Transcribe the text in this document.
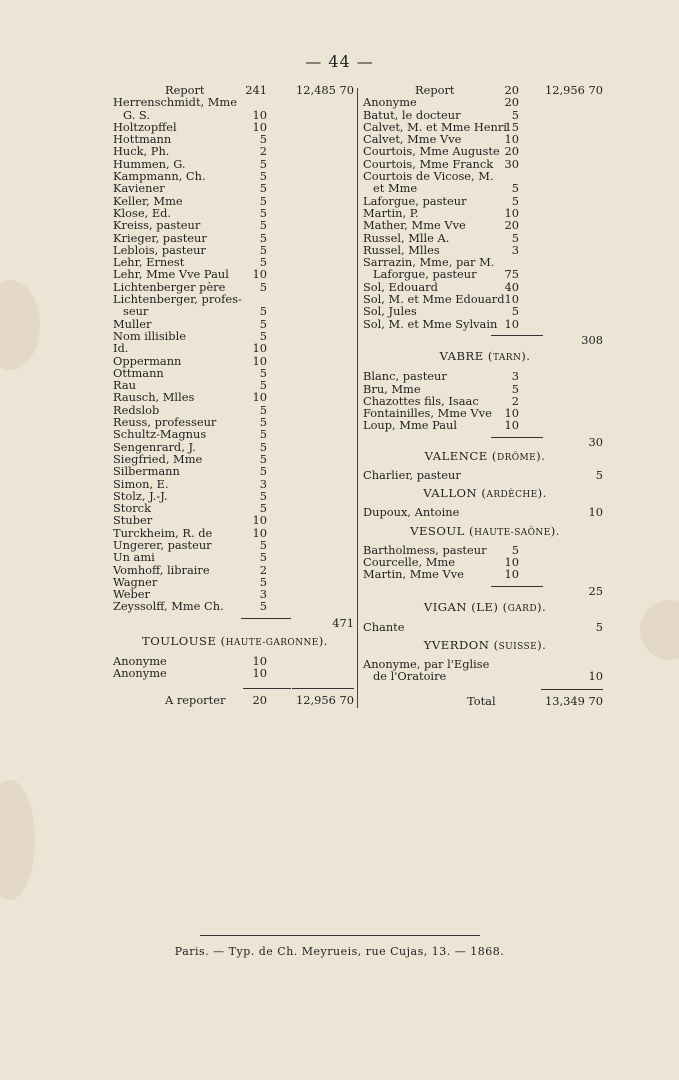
— 44 —
Report	241	12,485 70
Herrenschmidt, Mme
G. S.	10
Holtzopffel	10
Hottmann	5
Huck, Ph.	2
Hummen, G.	5
Kampmann, Ch.	5
Kaviener	5
Keller, Mme	5
Klose, Ed.	5
Kreiss, pasteur	5
Krieger, pasteur	5
Leblois, pasteur	5
Lehr, Ernest	5
Lehr, Mme Vve Paul 10
Lichtenberger père	5
Lichtenberger, profes-
seur	5
Muller	5
Nom illisible	5
Id.	10
Oppermann	10
Ottmann	5
Rau	5
Rausch, Mlles	10
Redslob	5
Reuss, professeur	5
Schultz-Magnus	5
Sengenrard, J.	5
Siegfried, Mme	5
Silbermann	5
Simon, E.	3
Stolz, J.-J.	5
Storck	5
Stuber	10
Turckheim, R. de	10
Ungerer, pasteur	5
Un ami	5
Vomhoff, libraire	2
Wagner	5
Weber	3
Zeyssolff, Mme Ch.	5
471
TOULOUSE (HAUTE-GARONNE).
Anonyme	10
Anonyme	10
A reporter 20	12,956 70
Report	20 12,956 70
Anonyme	20
Batut, le docteur	5
Calvet, M. et Mme Henri
15
Calvet, Mme Vve	10
Courtois, Mme Auguste 20
Courtois, Mme Franck 30
Courtois de Vicose, M.
et Mme	5
Laforgue, pasteur	5
Martin, P.	10
Mather, Mme Vve	20
Russel, Mlle A.	5
Russel, Mlles	3
Sarrazin, Mme, par M.
Laforgue, pasteur 75
Sol, Edouard	40
Sol, M. et Mme Edouard 10
Sol, Jules	5
Sol, M. et Mme Sylvain 10
308
VABRE (TARN).
Blanc, pasteur	3
Bru, Mme	5
Chazottes fils, Isaac	2
Fontainilles, Mme Vve 10
Loup, Mme Paul	10
30
VALENCE (DRÔME).
Charlier, pasteur	5
VALLON (ARDÈCHE).
Dupoux, Antoine	10
VESOUL (HAUTE-SAÔNE).
Bartholmess, pasteur 5
Courcelle, Mme	10
Martin, Mme Vve	10
25
VIGAN (LE) (GARD).
Chante	5
YVERDON (SUISSE).
Anonyme, par l'Eglise
de l'Oratoire	10
Total	13,349 70
Paris. — Typ. de Ch. Meyrueis, rue Cujas, 13. — 1868.
